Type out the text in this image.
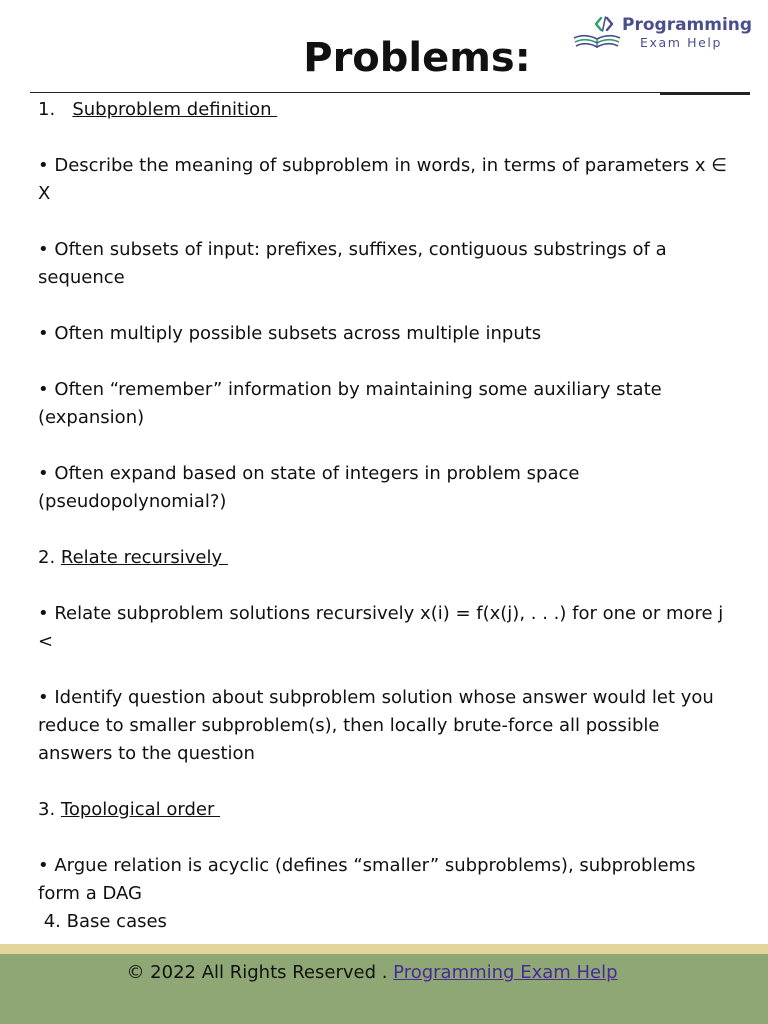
Problems:
Programming
Exam Help

1.   Subproblem definition

• Describe the meaning of subproblem in words, in terms of parameters x ∈ X

• Often subsets of input: prefixes, suffixes, contiguous substrings of a sequence

• Often multiply possible subsets across multiple inputs

• Often “remember” information by maintaining some auxiliary state (expansion)

• Often expand based on state of integers in problem space (pseudopolynomial?)

2. Relate recursively

• Relate subproblem solutions recursively x(i) = f(x(j), . . .) for one or more j <

• Identify question about subproblem solution whose answer would let you reduce to smaller subproblem(s), then locally brute-force all possible answers to the question

3. Topological order

• Argue relation is acyclic (defines “smaller” subproblems), subproblems form a DAG

4. Base cases

© 2022 All Rights Reserved . Programming Exam Help
